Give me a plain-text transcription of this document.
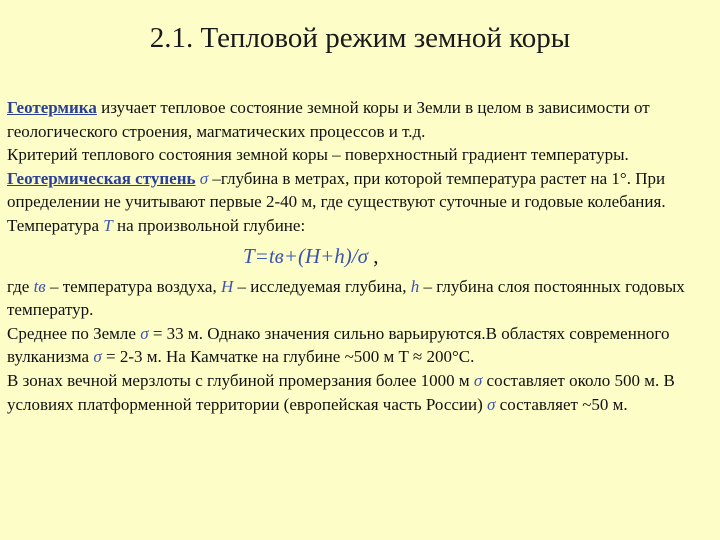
2.1. Тепловой режим земной коры

Геотермика изучает тепловое состояние земной коры и Земли в целом в зависимости от геологического строения, магматических процессов и т.д.

Критерий теплового состояния земной коры – поверхностный градиент температуры.

Геотермическая ступень σ –глубина в метрах, при которой температура растет на 1°. При определении не учитывают первые 2-40 м, где существуют суточные и годовые колебания. Температура T на произвольной глубине:

T=tв+(H+h)/σ ,

где tв – температура воздуха, H – исследуемая глубина, h – глубина слоя постоянных годовых температур.

Среднее по Земле σ = 33 м. Однако значения сильно варьируются.В областях современного вулканизма σ = 2-3 м. На Камчатке на глубине ~500 м T ≈ 200°C.

В зонах вечной мерзлоты с глубиной промерзания более 1000 м σ составляет около 500 м. В условиях платформенной территории (европейская часть России) σ составляет ~50 м.
